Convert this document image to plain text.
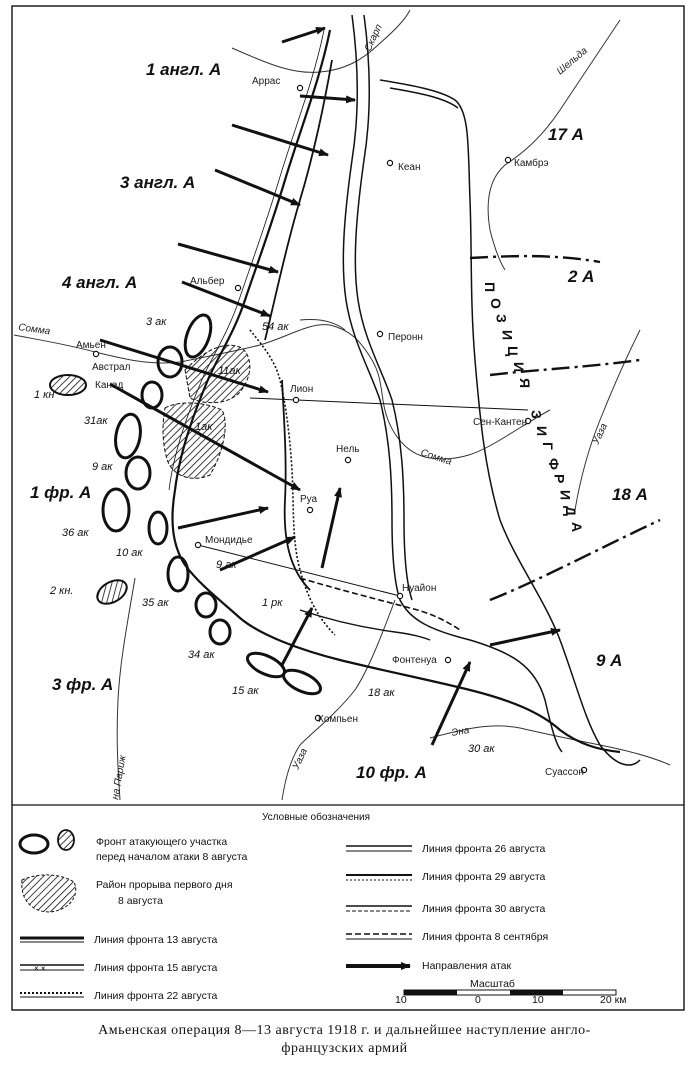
Аррас
Кеан	Камбрэ
Альбер
Перонн
Амьен
Австрал
Канад	Лион
Сен-Кантен
Нель
Руа
Мондидье
Нуайон
Фонтенуа
Компьен
Суассон
Сомма
Сомма
Скарп
Шельда
Уаза
Уаза
Эна
на Париж
1 англ. А
3 англ. А
4 англ. А
1 фр. А
3 фр. А
10 фр. А
17 А
2 А
18 А
9 А
3 ак	54 ак
11ак
1ак
1 кн
31ак
9 ак
36 ак
10 ак
9 ак
35 ак	1 рк
2 кн.
34 ак
15 ак	18 ак
30 ак
П
О
З
И
Ц
И
Я
З
И
Г
Ф
Р
И
Д
А
Условные обозначения
Фронт атакующего участка
перед началом атаки 8 августа
Район прорыва первого дня
8 августа
Линия фронта 13 августа
× ×	Линия фронта 15 августа
Линия фронта 22 августа
Линия фронта 26 августа
Линия фронта 29 августа
Линия фронта 30 августа
Линия фронта 8 сентября
Направления атак
Масштаб
10	0	10	20 км
Амьенская операция 8—13 августа 1918 г. и дальнейшее наступление англо-
французских армий
